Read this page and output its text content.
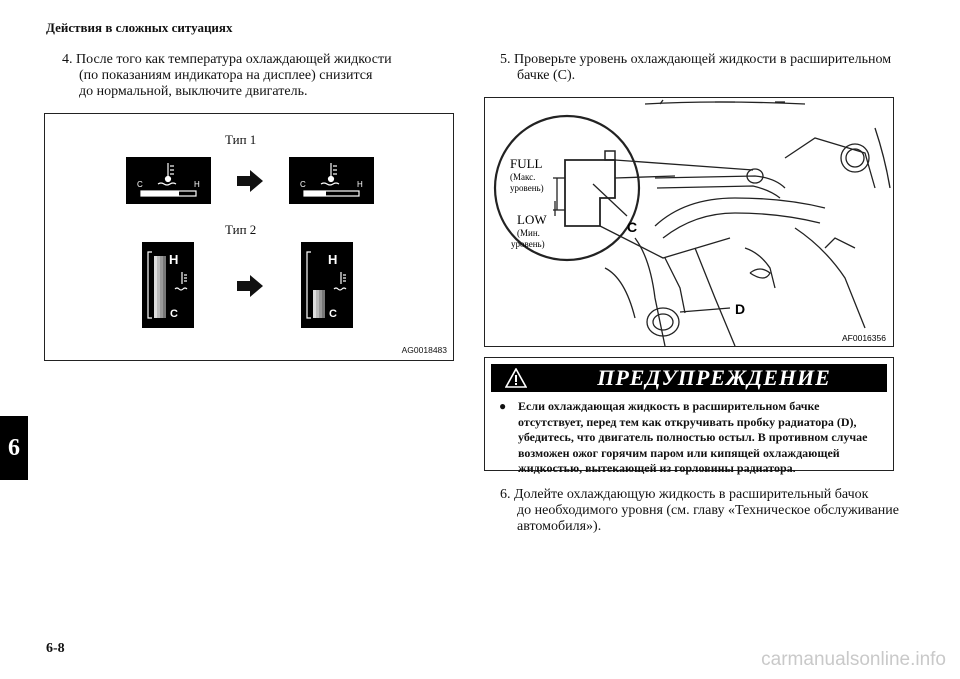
Действия в сложных ситуациях
4. После того как температура охлаждающей жидкости
(по показаниям индикатора на дисплее) снизится
до нормальной, выключите двигатель.
5. Проверьте уровень охлаждающей жидкости в расширительном
бачке (С).
Тип 1
C	H	C	H
Тип 2
H
C
H
C
AG0018483
FULL
(Макс.
уровень)
LOW
(Мин.
уровень)
C
D
AF0016356
ПРЕДУПРЕЖДЕНИЕ
● Если охлаждающая жидкость в расширительном бачке
отсутствует, перед тем как откручивать пробку радиатора (D),
убедитесь, что двигатель полностью остыл. В противном случае
возможен ожог горячим паром или кипящей охлаждающей
жидкостью, вытекающей из горловины радиатора.
6. Долейте охлаждающую жидкость в расширительный бачок
до необходимого уровня (см. главу «Техническое обслуживание
автомобиля»).
6
6-8
carmanualsonline.info
